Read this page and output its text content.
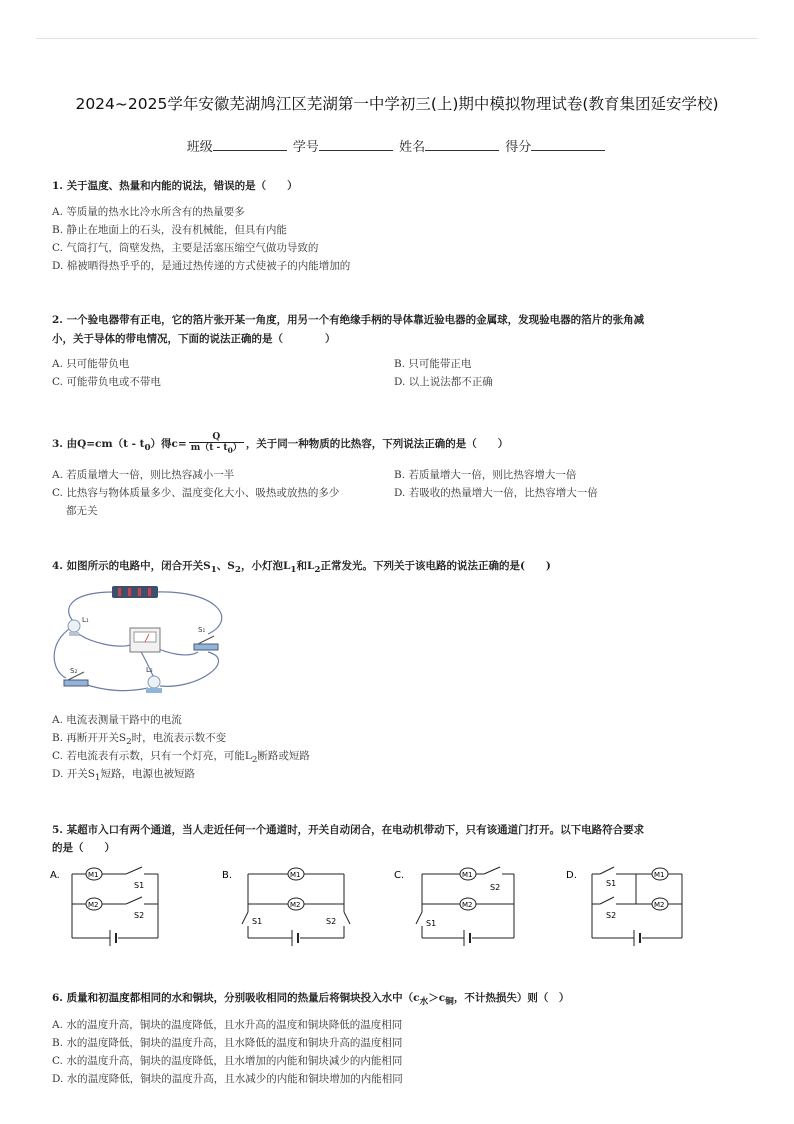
2024~2025学年安徽芜湖鸠江区芜湖第一中学初三(上)期中模拟物理试卷(教育集团延安学校)
班级	学号	姓名	得分
1. 关于温度、热量和内能的说法，错误的是（　　）
A. 等质量的热水比冷水所含有的热量要多
B. 静止在地面上的石头，没有机械能，但具有内能
C. 气筒打气，筒壁发热，主要是活塞压缩空气做功导致的
D. 棉被晒得热乎乎的，是通过热传递的方式使被子的内能增加的
2. 一个验电器带有正电，它的箔片张开某一角度，用另一个有绝缘手柄的导体靠近验电器的金属球，发现验电器的箔片的张角减
小，关于导体的带电情况，下面的说法正确的是（　　　　）
A. 只可能带负电	B. 只可能带正电
C. 可能带负电或不带电	D. 以上说法都不正确
3. 由$Q=cm(t - t_0)$得$c= \frac{Q}{m(t - t_0)}$ ，关于同一种物质的比热容，下列说法正确的是（　　）
A. 若质量增大一倍，则比热容减小一半	B. 若质量增大一倍，则比热容增大一倍
C. 比热容与物体质量多少、温度变化大小、吸热或放热的多少
都无关
D. 若吸收的热量增大一倍，比热容增大一倍
4. 如图所示的电路中，闭合开关$S_1$、$S_2$，小灯泡$L_1$和$L_2$正常发光。下列关于该电路的说法正确的是(　　)
L₁
S₁
S₂	L₂
A. 电流表测量干路中的电流
B. 再断开开关$S_2$时，电流表示数不变
C. 若电流表有示数，只有一个灯亮，可能$L_2$断路或短路
D. 开关$S_1$短路，电源也被短路
5. 某超市入口有两个通道，当人走近任何一个通道时，开关自动闭合，在电动机带动下，只有该通道门打开。以下电路符合要求
的是（　　）
A.	M1
S1
M2
S2
B.	M1
M2
S1	S2
C.	M1
S2
M2
S1
D.	M1
S1
M2
S2
6. 质量和初温度都相同的水和铜块，分别吸收相同的热量后将铜块投入水中（$c_水>c_铜$，不计热损失）则（　）
A. 水的温度升高，铜块的温度降低，且水升高的温度和铜块降低的温度相同
B. 水的温度降低，铜块的温度升高，且水降低的温度和铜块升高的温度相同
C. 水的温度升高，铜块的温度降低，且水增加的内能和铜块减少的内能相同
D. 水的温度降低，铜块的温度升高，且水减少的内能和铜块增加的内能相同
